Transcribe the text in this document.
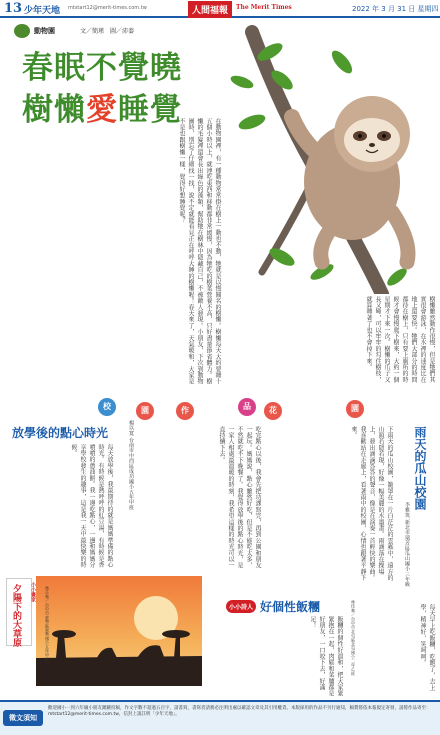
13 少年天地 mtstart12@merit-times.com.tw	人間福報	The Merit Times	2022 年 3 月 31 日 星期四
動物園	文／簡瑾　圖／沛蓁
春眠不覺曉
樹懶愛睡覺
在動物園裡，有一種動物常常掛在樹上一動也不動，牠就是以慢聞名的樹懶。樹懶每天大約要睡十五個小時以上，就連吃東西和移動都非常緩慢，因為牠吃的樹葉營養不高，只好盡量節省體力。樹懶的毛髮裡還會長出綠色的藻類，幫助牠在樹林中隱藏自己，不被敵人發現。小朋友，下次到動物園時，別忘了仔細找一找，說不定就能看見正在呼呼大睡的樹懶喔！春天來了，天氣暖和，大家是不是也跟樹懶一樣，覺得好想睡覺呢？
樹懶雖然動作很慢，但是牠們其實很會游泳，在水裡的速度比在地上還要快。牠們大部分的時間都待在樹上，只有要上廁所的時候才會慢慢爬下樹來，大約一個星期才下來一次。樹懶的爪子又長又彎，可以牢牢的勾住樹枝，就算睡著了也不會掉下來。
校	園	作	品	花	園
放學後的點心時光	楊以寬 台南市中西區成功國小五年甲班
每天放學後，我最期待的就是媽媽準備的點心時光。有時候是熱呼呼的紅豆湯，有時候是香噴噴的蔥油餅。我一邊吃點心，一邊和媽媽分享學校發生的趣事，這是我一天中最快樂的時候。	吃完點心以後，我會先把功課寫完，再到公園和朋友一起玩。媽媽說，點心雖然好吃，但是不能吃太多，不然就吃不下晚餐了。我覺得放學後的點心時光，是一家人相處最溫暖的時刻，我希望這樣的時光可以一直持續下去。	雨天的瓜山校園
李雅筑 新北市瑞芳區瓜山國小三年級
下雨天的瓜山校園，籠罩在一片白茫茫的雲霧中，遠方的山頭若隱若現，好像一幅美麗的水墨畫。雨滴落在操場上，發出滴滴答答的聲音，像是在演奏一首輕快的樂曲。我喜歡站在走廊上，看著雨中的校園，心情也跟著平靜下來。
小小畫家
夕陽下的大草原	林芷蓁／台中市東勢區東勢國小五年甲班	小小詩人 好個性飯糰	林佳黎／台中市北屯區北屯國小二年乙班
飯糰的個性好溫和，把大家緊緊抱在一起，肉鬆和菜脯都是好朋友，一口咬下去，好滿足！	每天早上吃飯糰，吃飽了，去上學，精神好，笑呵呵。
徵文須知
歡迎國小一到六年級小朋友踴躍投稿，作文字數不超過五百字，請書寫，書寫者請務必注明出處以確認文章及其引用權責。本版採用的作品不另行通知，稿費將依本報規定寄發，請將作品寄至：mtstart12@merit-times.com.tw，信封上請註明「少年天地」。
